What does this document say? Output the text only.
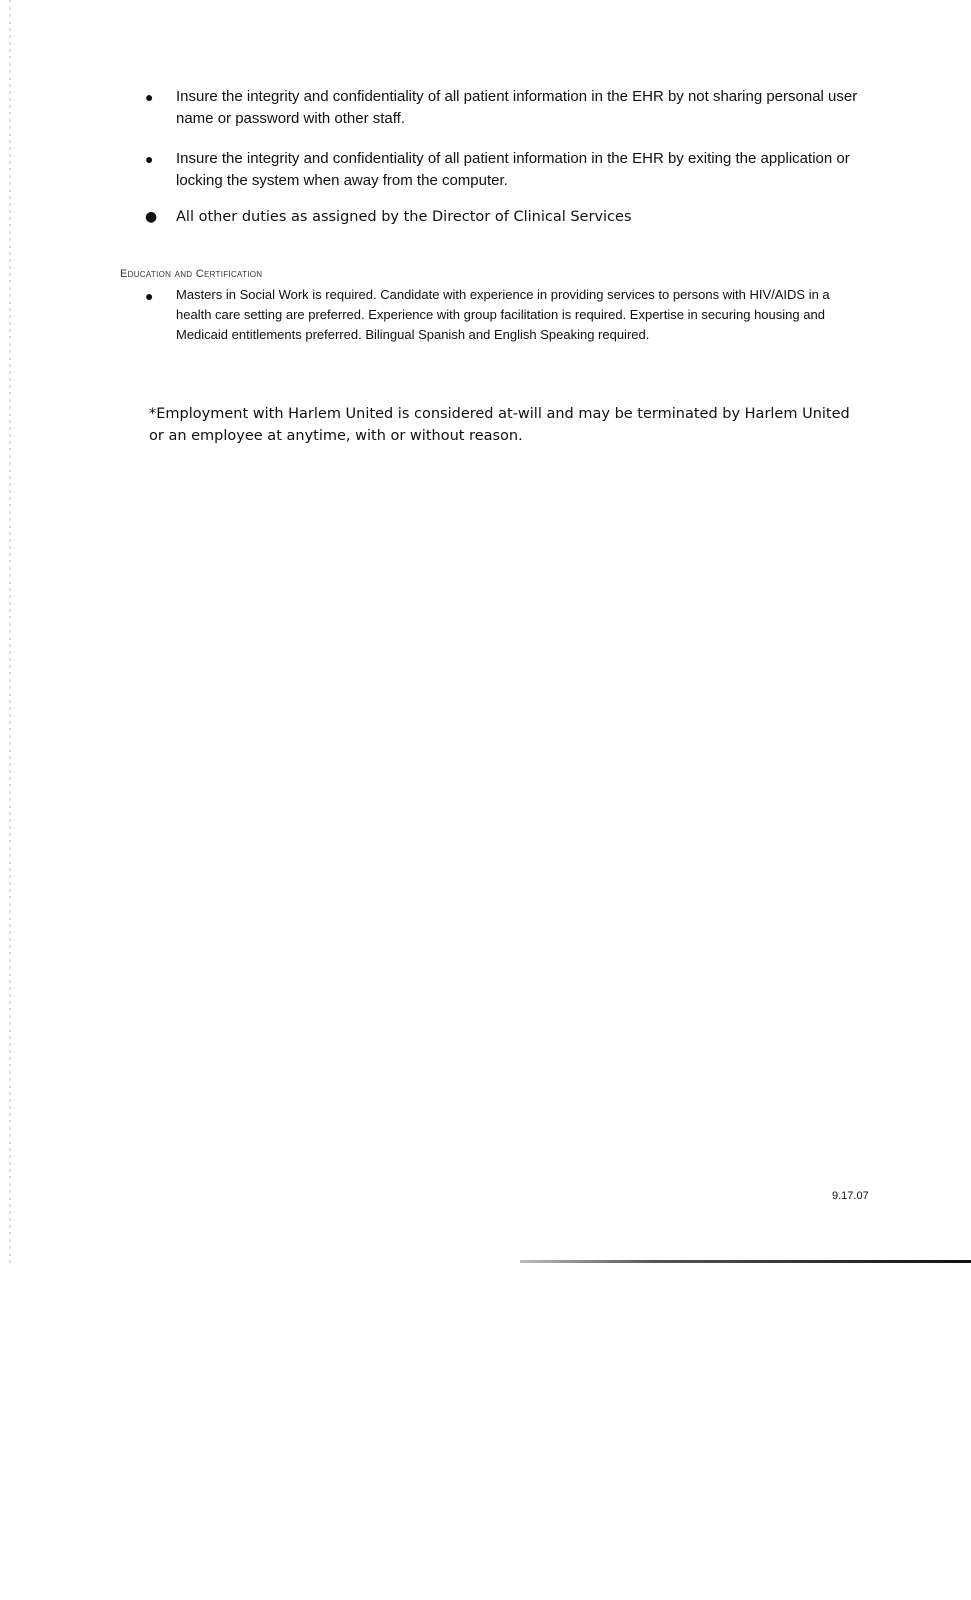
● Insure the integrity and confidentiality of all patient information in the EHR by not sharing personal user name or password with other staff.
● Insure the integrity and confidentiality of all patient information in the EHR by exiting the application or locking the system when away from the computer.
● All other duties as assigned by the Director of Clinical Services
Education and Certification
● Masters in Social Work is required. Candidate with experience in providing services to persons with HIV/AIDS in a health care setting are preferred. Experience with group facilitation is required. Expertise in securing housing and Medicaid entitlements preferred. Bilingual Spanish and English Speaking required.

*Employment with Harlem United is considered at-will and may be terminated by Harlem United or an employee at anytime, with or without reason.

9.17.07
